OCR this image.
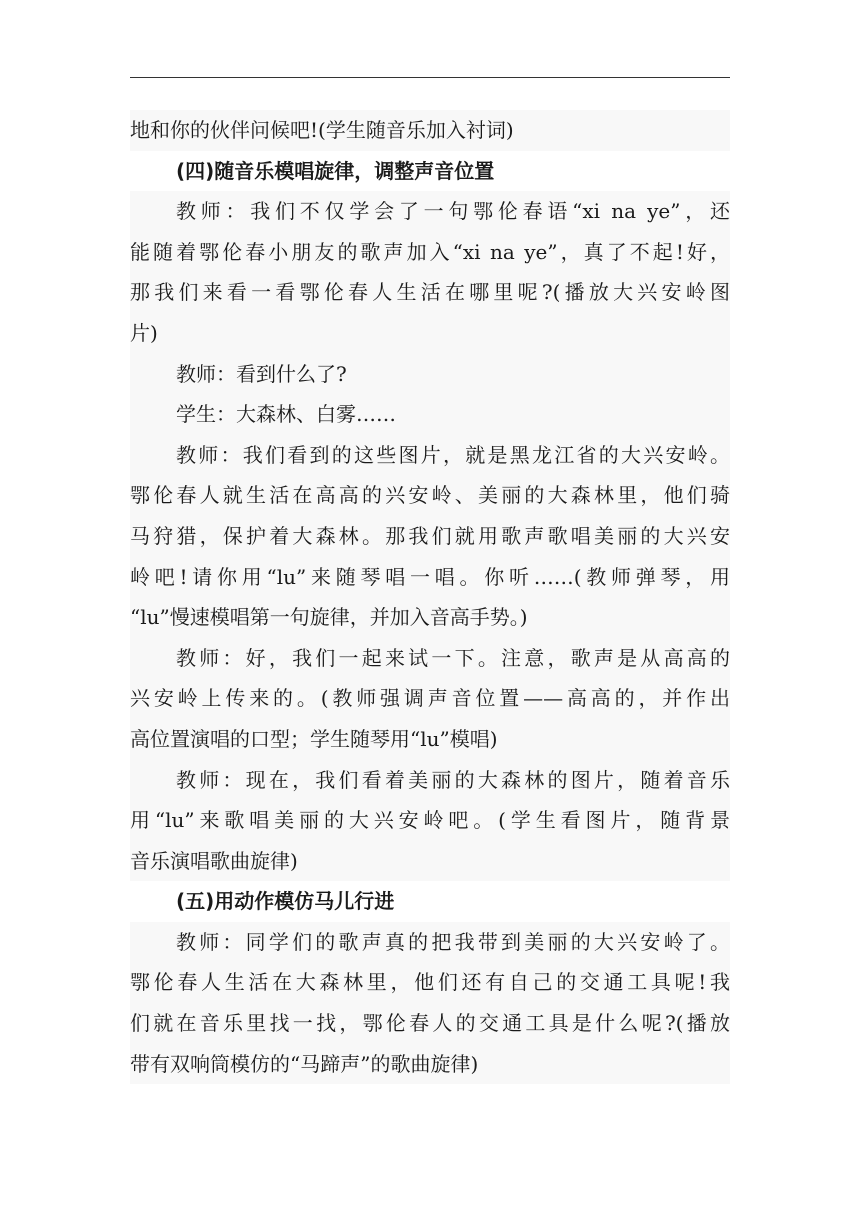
地和你的伙伴问候吧!(学生随音乐加入衬词)
(四)随音乐模唱旋律，调整声音位置
教师：我们不仅学会了一句鄂伦春语“xi na ye”，还
能随着鄂伦春小朋友的歌声加入“xi na ye”，真了不起!好，
那我们来看一看鄂伦春人生活在哪里呢?(播放大兴安岭图
片)
教师：看到什么了?
学生：大森林、白雾……
教师：我们看到的这些图片，就是黑龙江省的大兴安岭。
鄂伦春人就生活在高高的兴安岭、美丽的大森林里，他们骑
马狩猎，保护着大森林。那我们就用歌声歌唱美丽的大兴安
岭吧!请你用“lu”来随琴唱一唱。你听……(教师弹琴，用
“lu”慢速模唱第一句旋律，并加入音高手势。)
教师：好，我们一起来试一下。注意，歌声是从高高的
兴安岭上传来的。(教师强调声音位置——高高的，并作出
高位置演唱的口型；学生随琴用“lu”模唱)
教师：现在，我们看着美丽的大森林的图片，随着音乐
用“lu”来歌唱美丽的大兴安岭吧。(学生看图片，随背景
音乐演唱歌曲旋律)
(五)用动作模仿马儿行进
教师：同学们的歌声真的把我带到美丽的大兴安岭了。
鄂伦春人生活在大森林里，他们还有自己的交通工具呢!我
们就在音乐里找一找，鄂伦春人的交通工具是什么呢?(播放
带有双响筒模仿的“马蹄声”的歌曲旋律)
